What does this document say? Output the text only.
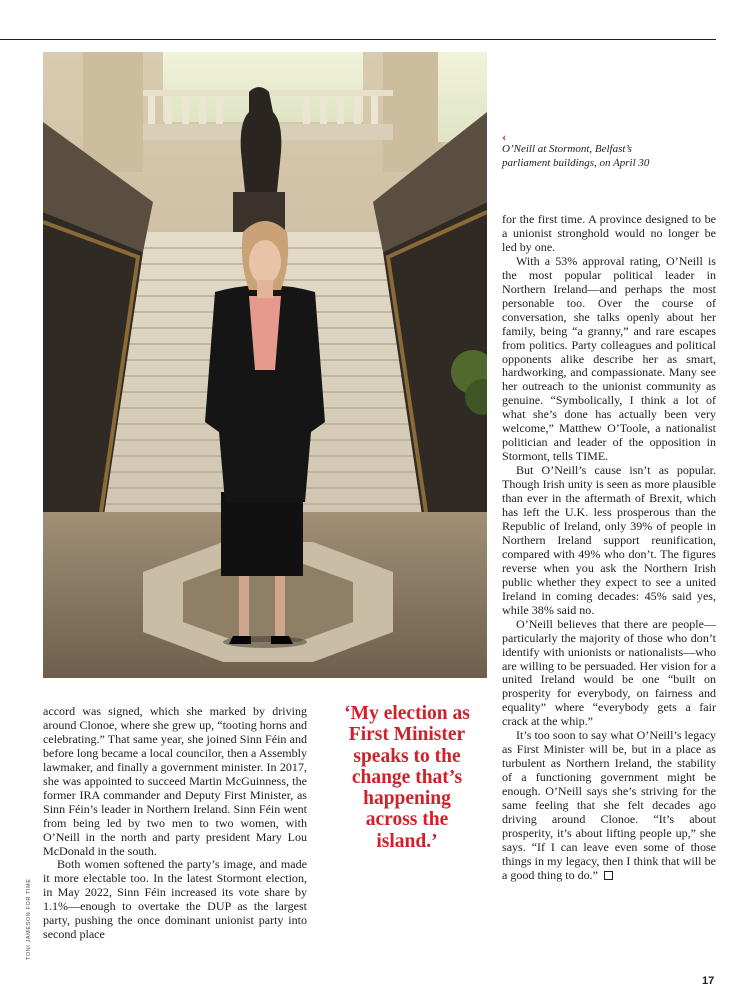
‹
O’Neill at Stormont, Belfast’s parliament buildings, on April 30

accord was signed, which she marked by driving around Clonoe, where she grew up, “tooting horns and celebrating.” That same year, she joined Sinn Féin and before long became a local councilor, then a Assembly lawmaker, and finally a government minister. In 2017, she was appointed to succeed Martin McGuinness, the former IRA commander and Deputy First Minister, as Sinn Féin’s leader in Northern Ireland. Sinn Féin went from being led by two men to two women, with O’Neill in the north and party president Mary Lou McDonald in the south.

Both women softened the party’s image, and made it more electable too. In the latest Stormont election, in May 2022, Sinn Féin increased its vote share by 1.1%—enough to overtake the DUP as the largest party, pushing the once dominant unionist party into second place

TONI JAMESON FOR TIME
‘My election as First Minister speaks to the change that’s happening across the island.’

for the first time. A province designed to be a unionist stronghold would no longer be led by one.

With a 53% approval rating, O’Neill is the most popular political leader in Northern Ireland—and perhaps the most personable too. Over the course of conversation, she talks openly about her family, being “a granny,” and rare escapes from politics. Party colleagues and political opponents alike describe her as smart, hardworking, and compassionate. Many see her outreach to the unionist community as genuine. “Symbolically, I think a lot of what she’s done has actually been very welcome,” Matthew O’Toole, a nationalist politician and leader of the opposition in Stormont, tells TIME.

But O’Neill’s cause isn’t as popular. Though Irish unity is seen as more plausible than ever in the aftermath of Brexit, which has left the U.K. less prosperous than the Republic of Ireland, only 39% of people in Northern Ireland support reunification, compared with 49% who don’t. The figures reverse when you ask the Northern Irish public whether they expect to see a united Ireland in coming decades: 45% said yes, while 38% said no.

O’Neill believes that there are people—particularly the majority of those who don’t identify with unionists or nationalists—who are willing to be persuaded. Her vision for a united Ireland would be one “built on prosperity for everybody, on fairness and equality” where “everybody gets a fair crack at the whip.”

It’s too soon to say what O’Neill’s legacy as First Minister will be, but in a place as turbulent as Northern Ireland, the stability of a functioning government might be enough. O’Neill says she’s striving for the same feeling that she felt decades ago driving around Clonoe. “It’s about prosperity, it’s about lifting people up,” she says. “If I can leave even some of those things in my legacy, then I think that will be a good thing to do.”

17
